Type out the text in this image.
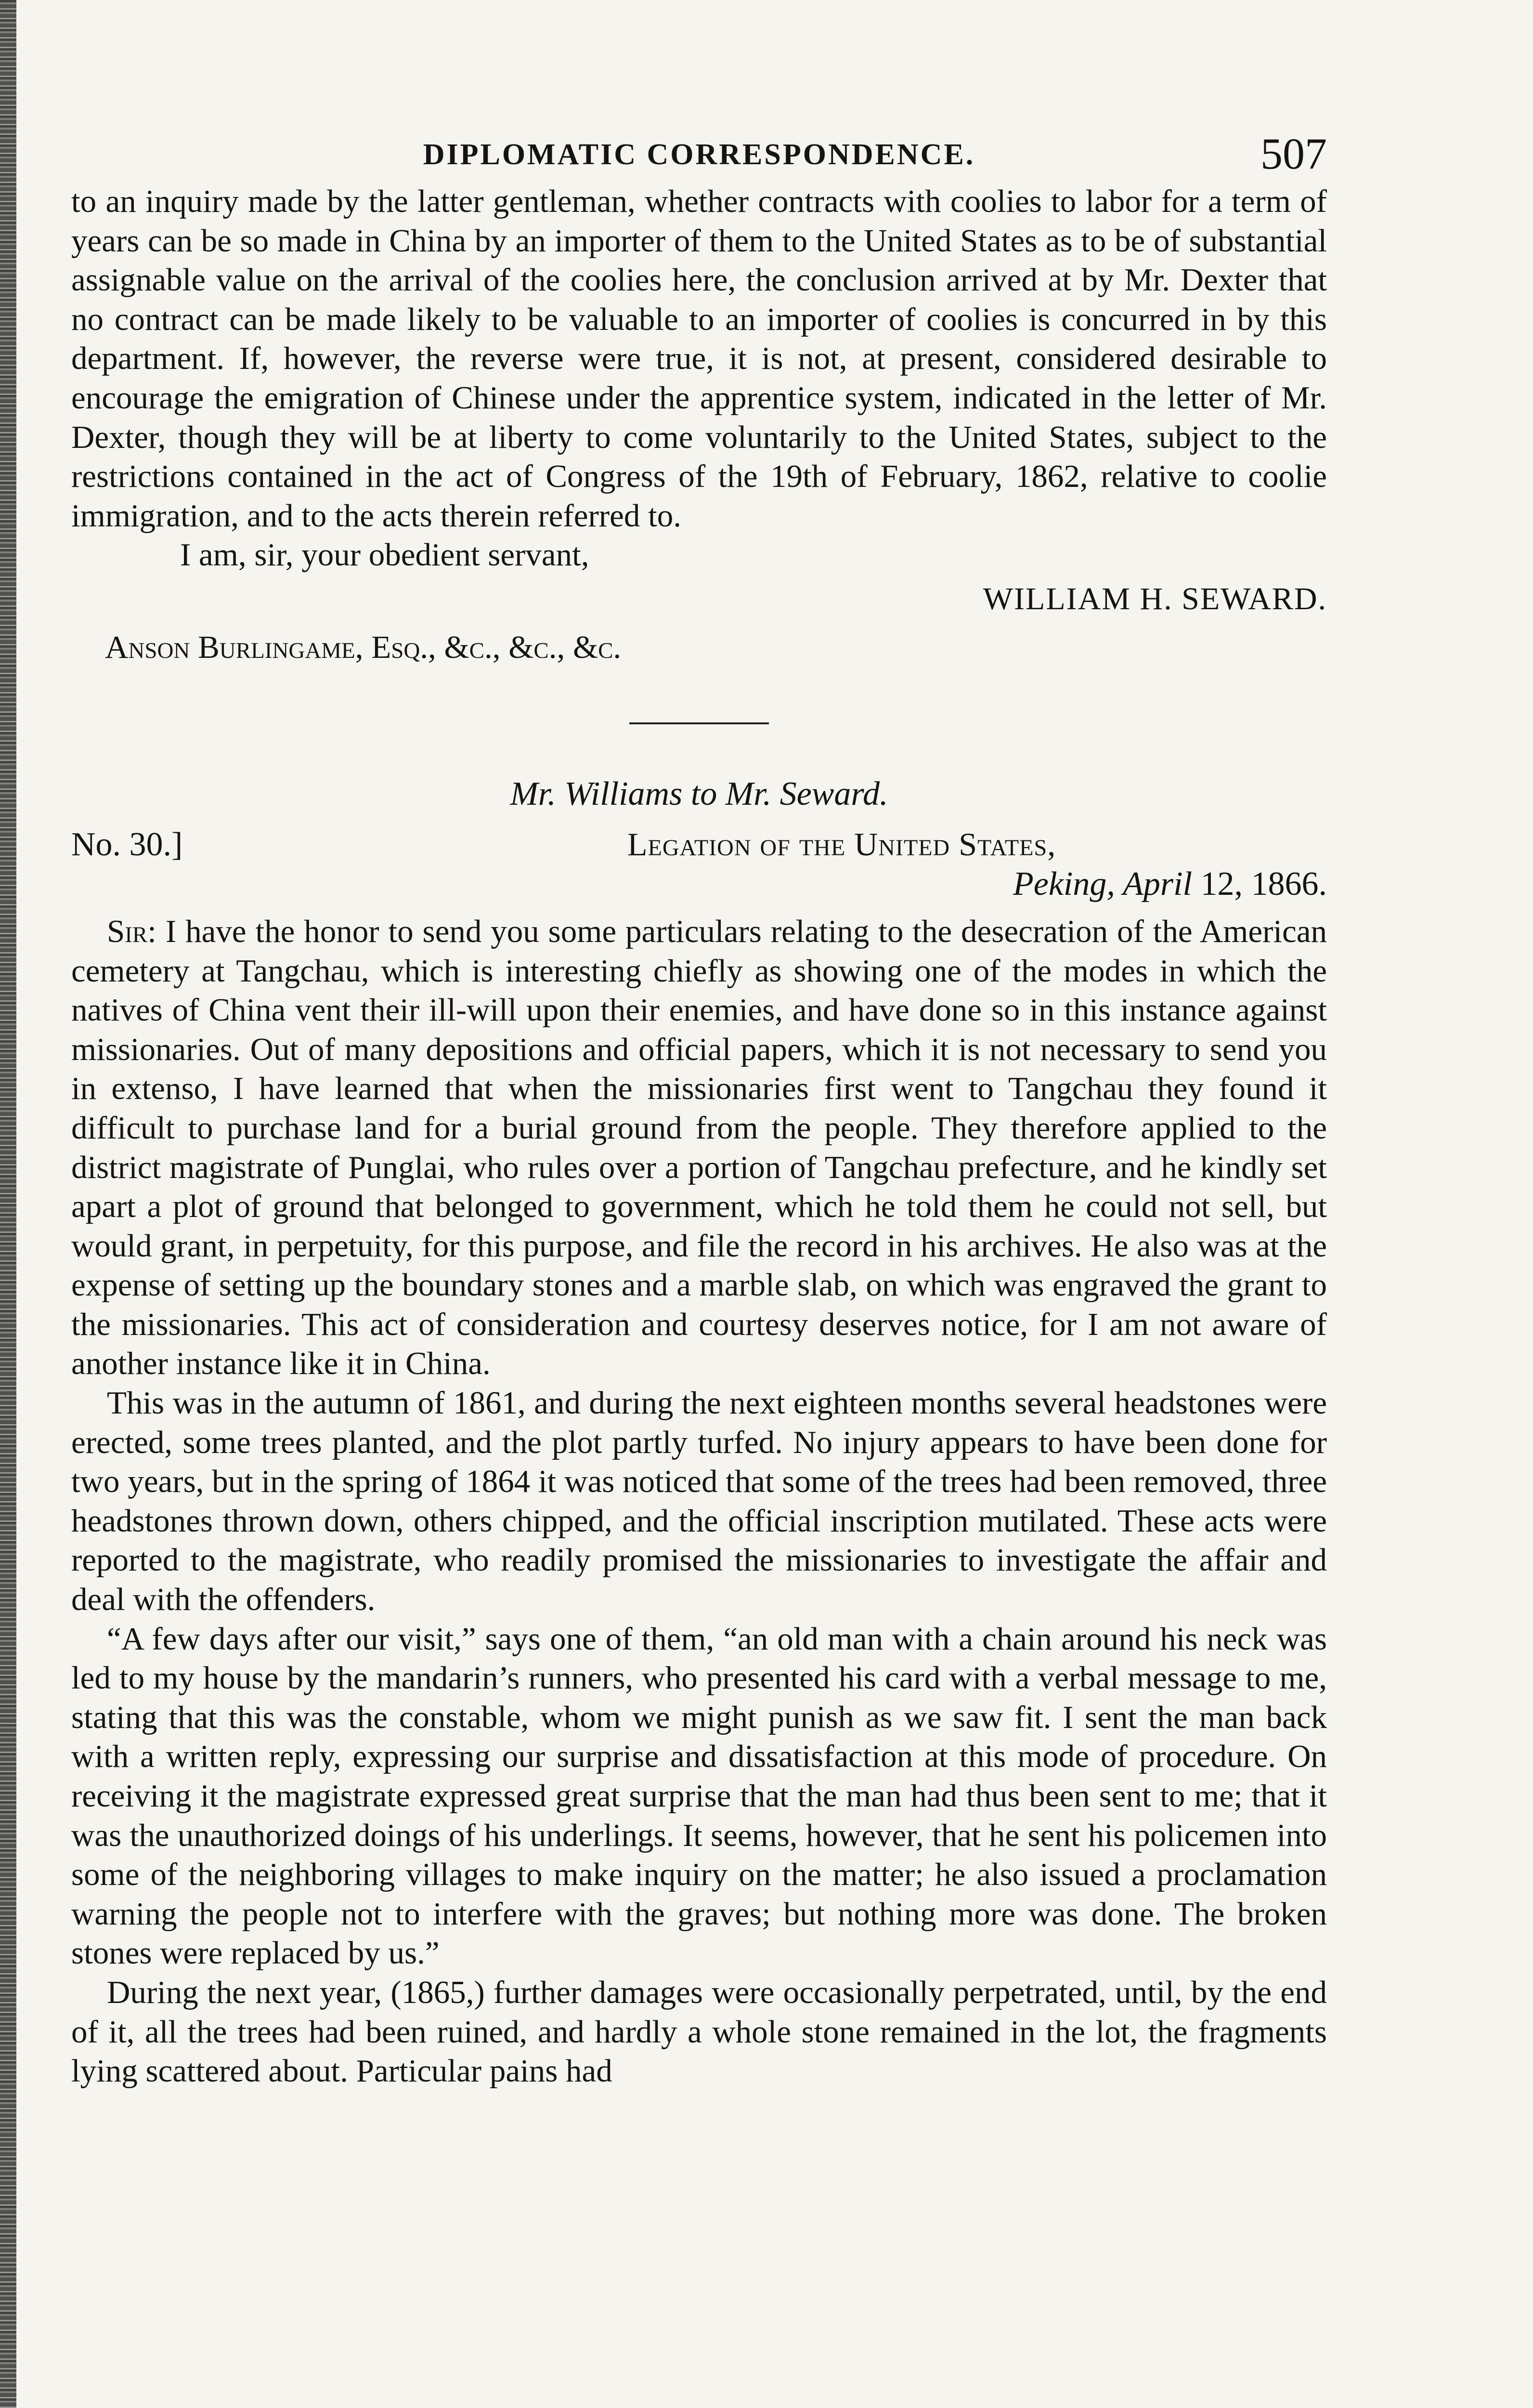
DIPLOMATIC CORRESPONDENCE.	507

to an inquiry made by the latter gentleman, whether contracts with coolies to labor for a term of years can be so made in China by an importer of them to the United States as to be of substantial assignable value on the arrival of the coolies here, the conclusion arrived at by Mr. Dexter that no contract can be made likely to be valuable to an importer of coolies is concurred in by this department. If, however, the reverse were true, it is not, at present, considered desirable to encourage the emigration of Chinese under the apprentice system, indicated in the letter of Mr. Dexter, though they will be at liberty to come voluntarily to the United States, subject to the restrictions contained in the act of Congress of the 19th of February, 1862, relative to coolie immigration, and to the acts therein referred to.

I am, sir, your obedient servant,

WILLIAM H. SEWARD.

Anson Burlingame, Esq., &c., &c., &c.

Mr. Williams to Mr. Seward.

No. 30.]	Legation of the United States,
Peking, April 12, 1866.

Sir: I have the honor to send you some particulars relating to the desecration of the American cemetery at Tangchau, which is interesting chiefly as showing one of the modes in which the natives of China vent their ill-will upon their enemies, and have done so in this instance against missionaries. Out of many depositions and official papers, which it is not necessary to send you in extenso, I have learned that when the missionaries first went to Tangchau they found it difficult to purchase land for a burial ground from the people. They therefore applied to the district magistrate of Punglai, who rules over a portion of Tangchau prefecture, and he kindly set apart a plot of ground that belonged to government, which he told them he could not sell, but would grant, in perpetuity, for this purpose, and file the record in his archives. He also was at the expense of setting up the boundary stones and a marble slab, on which was engraved the grant to the missionaries. This act of consideration and courtesy deserves notice, for I am not aware of another instance like it in China.

This was in the autumn of 1861, and during the next eighteen months several headstones were erected, some trees planted, and the plot partly turfed. No injury appears to have been done for two years, but in the spring of 1864 it was noticed that some of the trees had been removed, three headstones thrown down, others chipped, and the official inscription mutilated. These acts were reported to the magistrate, who readily promised the missionaries to investigate the affair and deal with the offenders.

“A few days after our visit,” says one of them, “an old man with a chain around his neck was led to my house by the mandarin’s runners, who presented his card with a verbal message to me, stating that this was the constable, whom we might punish as we saw fit. I sent the man back with a written reply, expressing our surprise and dissatisfaction at this mode of procedure. On receiving it the magistrate expressed great surprise that the man had thus been sent to me; that it was the unauthorized doings of his underlings. It seems, however, that he sent his policemen into some of the neighboring villages to make inquiry on the matter; he also issued a proclamation warning the people not to interfere with the graves; but nothing more was done. The broken stones were replaced by us.”

During the next year, (1865,) further damages were occasionally perpetrated, until, by the end of it, all the trees had been ruined, and hardly a whole stone remained in the lot, the fragments lying scattered about. Particular pains had
